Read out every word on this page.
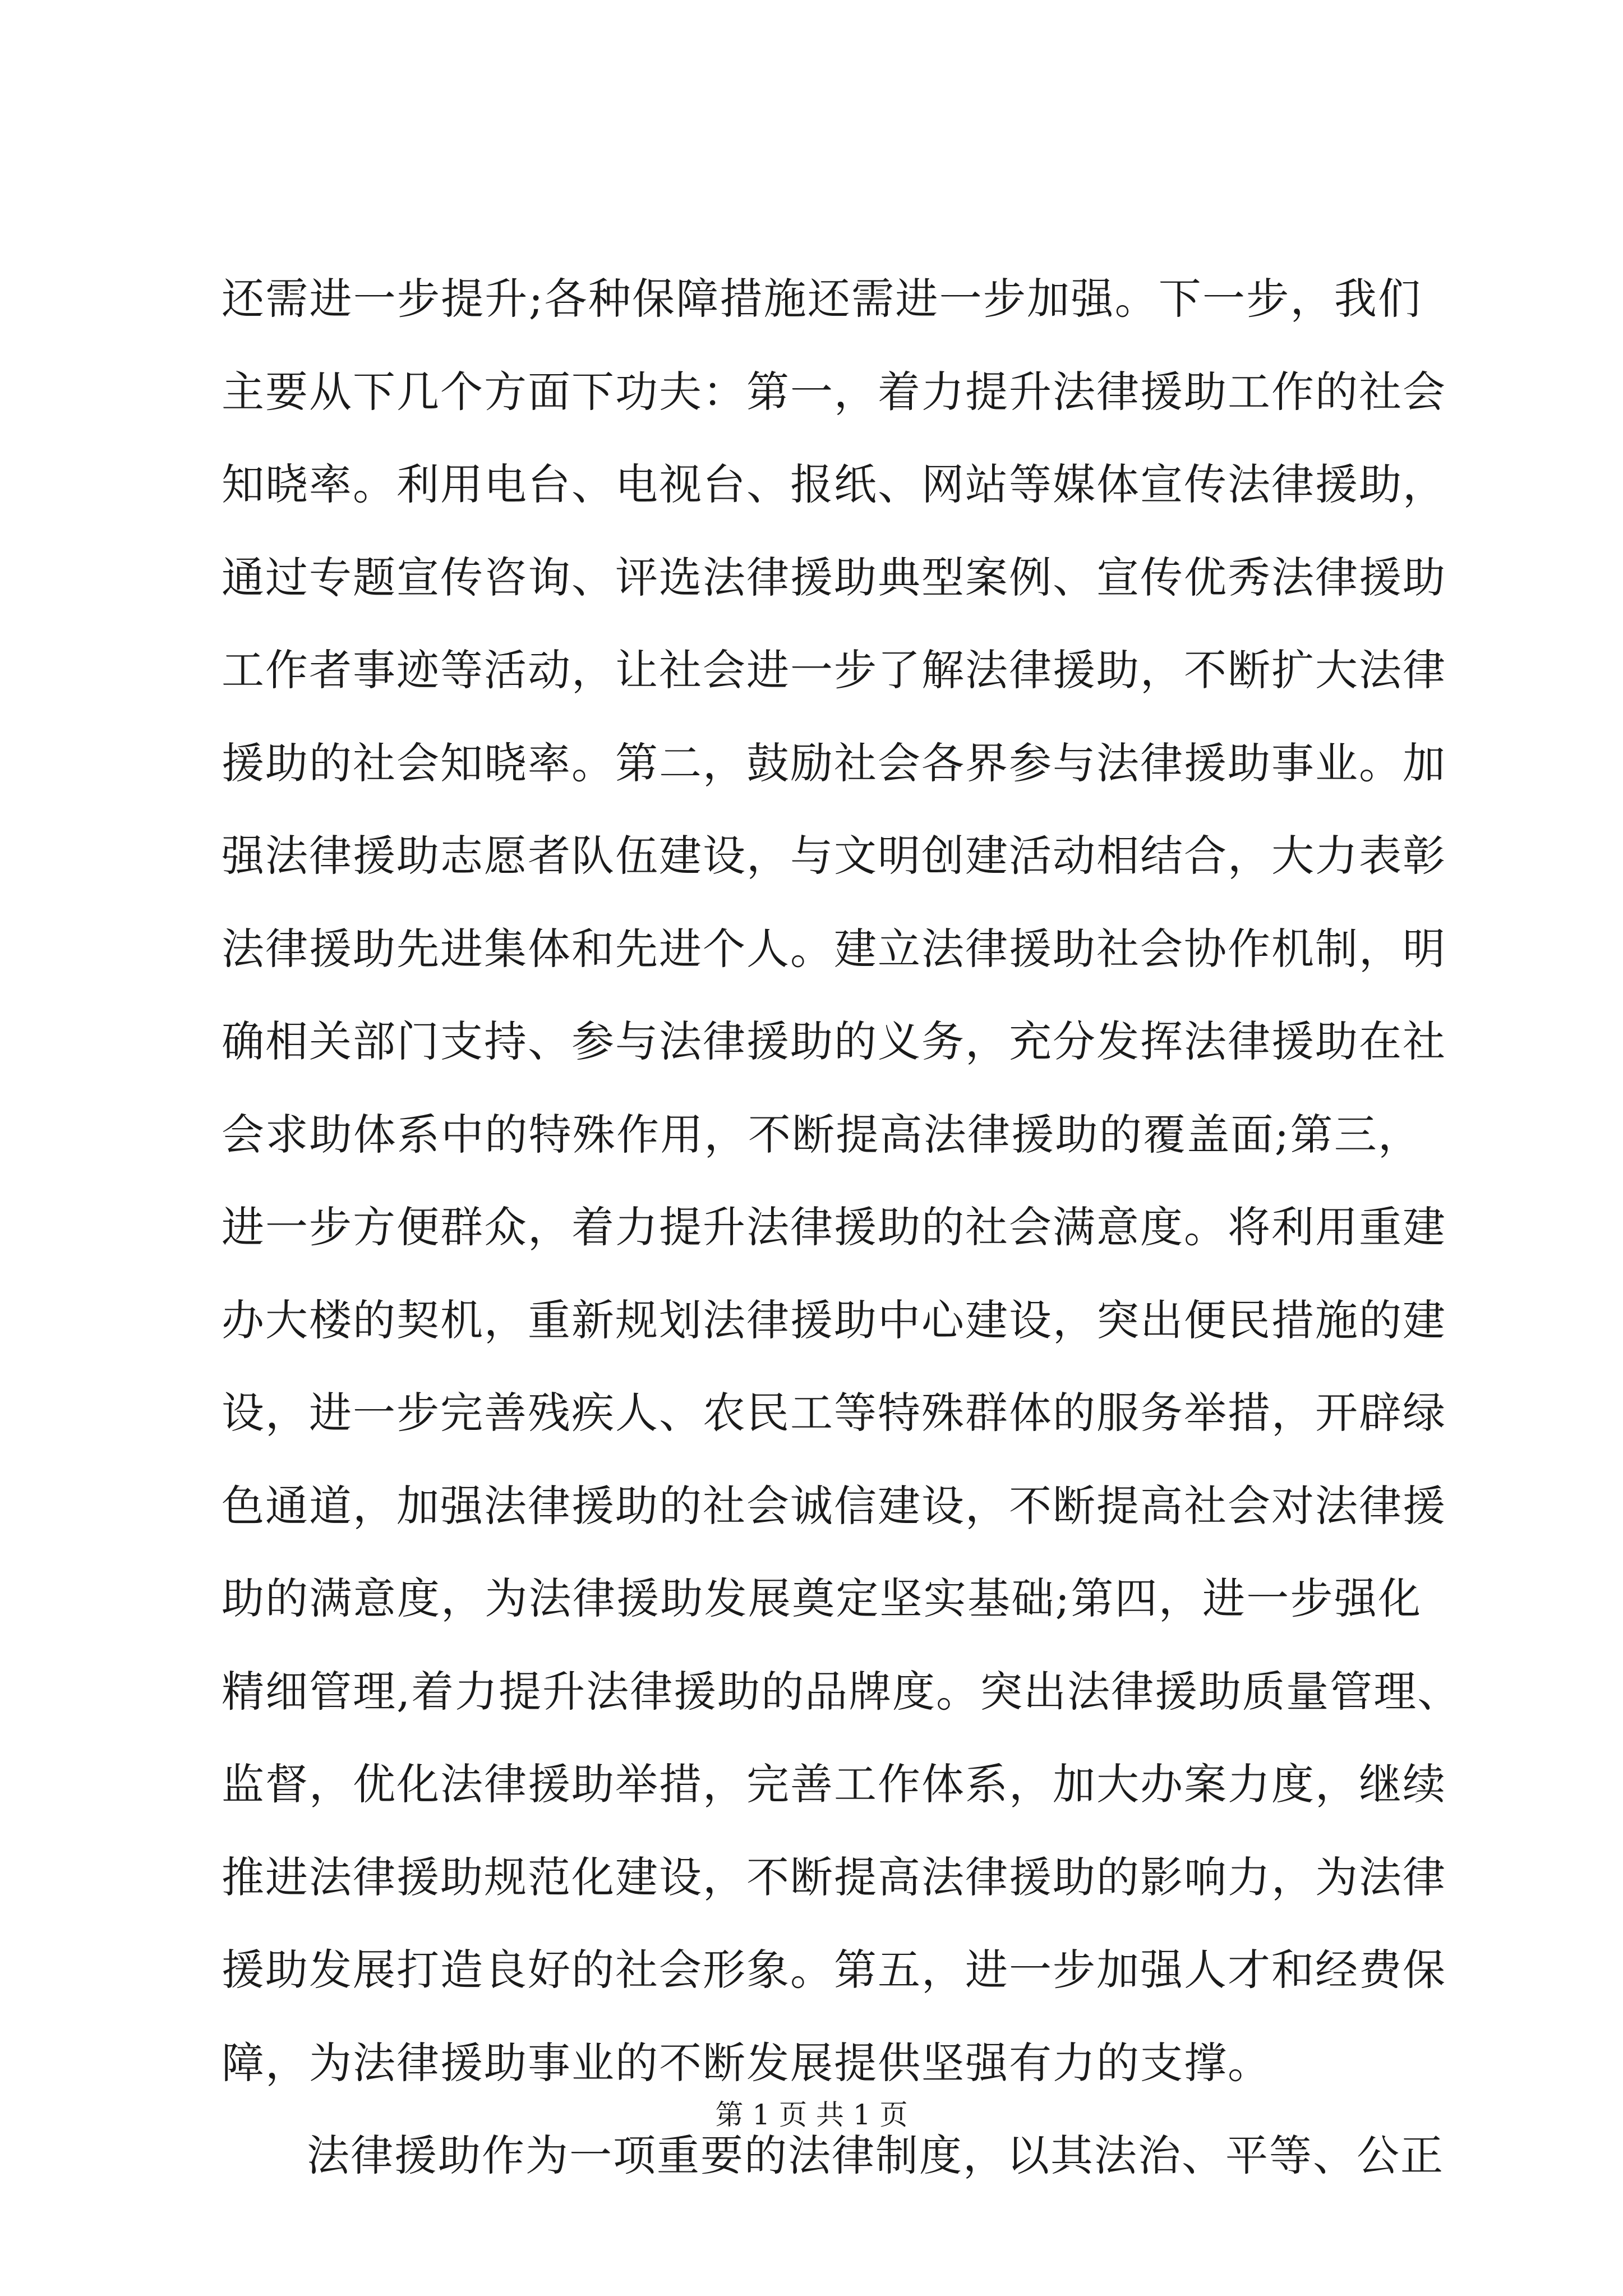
还需进一步提升;各种保障措施还需进一步加强。下一步，我们
主要从下几个方面下功夫：第一，着力提升法律援助工作的社会
知晓率。利用电台、电视台、报纸、网站等媒体宣传法律援助，
通过专题宣传咨询、评选法律援助典型案例、宣传优秀法律援助
工作者事迹等活动，让社会进一步了解法律援助，不断扩大法律
援助的社会知晓率。第二，鼓励社会各界参与法律援助事业。加
强法律援助志愿者队伍建设，与文明创建活动相结合，大力表彰
法律援助先进集体和先进个人。建立法律援助社会协作机制，明
确相关部门支持、参与法律援助的义务，充分发挥法律援助在社
会求助体系中的特殊作用，不断提高法律援助的覆盖面;第三，
进一步方便群众，着力提升法律援助的社会满意度。将利用重建
办大楼的契机，重新规划法律援助中心建设，突出便民措施的建
设，进一步完善残疾人、农民工等特殊群体的服务举措，开辟绿
色通道，加强法律援助的社会诚信建设，不断提高社会对法律援
助的满意度，为法律援助发展奠定坚实基础;第四，进一步强化
精细管理,着力提升法律援助的品牌度。突出法律援助质量管理、
监督，优化法律援助举措，完善工作体系，加大办案力度，继续
推进法律援助规范化建设，不断提高法律援助的影响力，为法律
援助发展打造良好的社会形象。第五，进一步加强人才和经费保
障，为法律援助事业的不断发展提供坚强有力的支撑。
法律援助作为一项重要的法律制度，以其法治、平等、公正
第 1 页 共 1 页
